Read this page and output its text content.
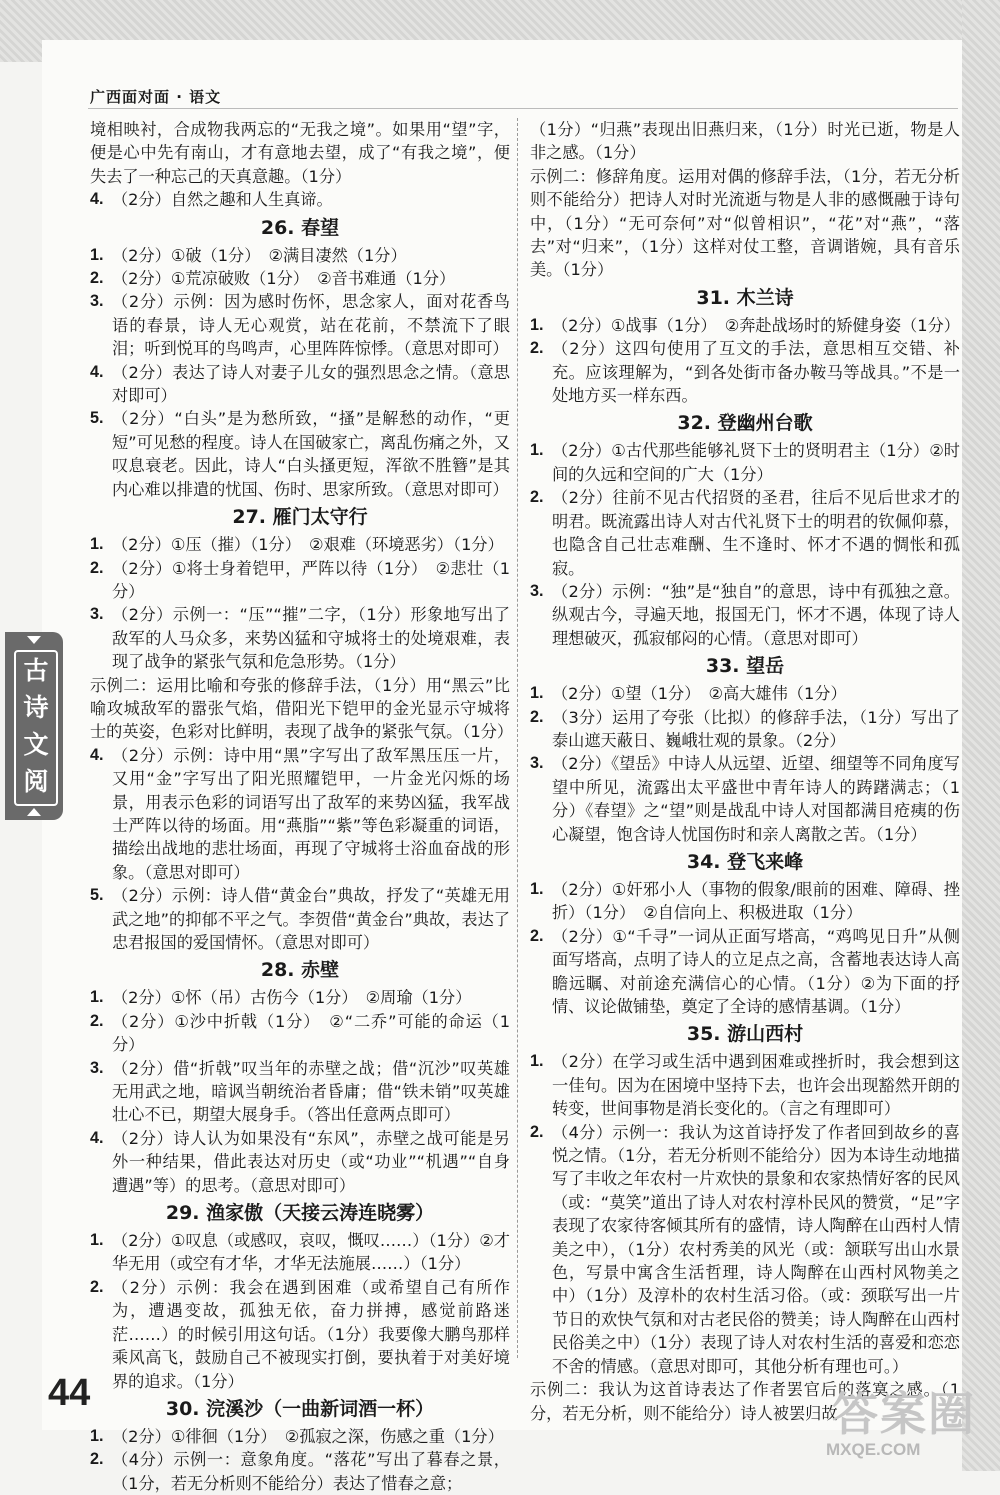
广西面对面 · 语文
境相映衬，合成物我两忘的“无我之境”。如果用“望”字，便是心中先有南山，才有意地去望，成了“有我之境”，便失去了一种忘己的天真意趣。（1分）
4. （2分）自然之趣和人生真谛。
26. 春望
1. （2分）①破（1分）　②满目凄然（1分）
2. （2分）①荒凉破败（1分）　②音书难通（1分）
3. （2分）示例：因为感时伤怀，思念家人，面对花香鸟语的春景，诗人无心观赏，站在花前，不禁流下了眼泪；听到悦耳的鸟鸣声，心里阵阵惊悸。（意思对即可）
4. （2分）表达了诗人对妻子儿女的强烈思念之情。（意思对即可）
5. （2分）“白头”是为愁所致，“搔”是解愁的动作，“更短”可见愁的程度。诗人在国破家亡，离乱伤痛之外，又叹息衰老。因此，诗人“白头搔更短，浑欲不胜簪”是其内心难以排遣的忧国、伤时、思家所致。（意思对即可）
27. 雁门太守行
1. （2分）①压（摧）（1分）　②艰难（环境恶劣）（1分）
2. （2分）①将士身着铠甲，严阵以待（1分）　②悲壮（1分）
3. （2分）示例一：“压”“摧”二字，（1分）形象地写出了敌军的人马众多，来势凶猛和守城将士的处境艰难，表现了战争的紧张气氛和危急形势。（1分）
示例二：运用比喻和夸张的修辞手法，（1分）用“黑云”比喻攻城敌军的嚣张气焰，借阳光下铠甲的金光显示守城将士的英姿，色彩对比鲜明，表现了战争的紧张气氛。（1分）
4. （2分）示例：诗中用“黑”字写出了敌军黑压压一片，又用“金”字写出了阳光照耀铠甲，一片金光闪烁的场景，用表示色彩的词语写出了敌军的来势凶猛，我军战士严阵以待的场面。用“燕脂”“紫”等色彩凝重的词语，描绘出战地的悲壮场面，再现了守城将士浴血奋战的形象。（意思对即可）
5. （2分）示例：诗人借“黄金台”典故，抒发了“英雄无用武之地”的抑郁不平之气。李贺借“黄金台”典故，表达了忠君报国的爱国情怀。（意思对即可）
28. 赤壁
1. （2分）①怀（吊）古伤今（1分）　②周瑜（1分）
2. （2分）①沙中折戟（1分）　②“二乔”可能的命运（1分）
3. （2分）借“折戟”叹当年的赤壁之战；借“沉沙”叹英雄无用武之地，暗讽当朝统治者昏庸；借“铁未销”叹英雄壮心不已，期望大展身手。（答出任意两点即可）
4. （2分）诗人认为如果没有“东风”，赤壁之战可能是另外一种结果，借此表达对历史（或“功业”“机遇”“自身遭遇”等）的思考。（意思对即可）
29. 渔家傲（天接云涛连晓雾）
1. （2分）①叹息（或感叹，哀叹，慨叹……）（1分）②才华无用（或空有才华，才华无法施展……）（1分）
2. （2分）示例：我会在遇到困难（或希望自己有所作为，遭遇变故，孤独无依，奋力拼搏，感觉前路迷茫……）的时候引用这句话。（1分）我要像大鹏鸟那样乘风高飞，鼓励自己不被现实打倒，要执着于对美好境界的追求。（1分）
30. 浣溪沙（一曲新词酒一杯）
1. （2分）①徘徊（1分）　②孤寂之深，伤感之重（1分）
2. （4分）示例一：意象角度。“落花”写出了暮春之景，（1分，若无分析则不能给分）表达了惜春之意；
（1分）“归燕”表现出旧燕归来，（1分）时光已逝，物是人非之感。（1分）
示例二：修辞角度。运用对偶的修辞手法，（1分，若无分析则不能给分）把诗人对时光流逝与物是人非的感慨融于诗句中，（1分）“无可奈何”对“似曾相识”，“花”对“燕”，“落去”对“归来”，（1分）这样对仗工整，音调谐婉，具有音乐美。（1分）
31. 木兰诗
1. （2分）①战事（1分）　②奔赴战场时的矫健身姿（1分）
2. （2分）这四句使用了互文的手法，意思相互交错、补充。应该理解为，“到各处街市备办鞍马等战具。”不是一处地方买一样东西。
32. 登幽州台歌
1. （2分）①古代那些能够礼贤下士的贤明君主（1分）②时间的久远和空间的广大（1分）
2. （2分）往前不见古代招贤的圣君，往后不见后世求才的明君。既流露出诗人对古代礼贤下士的明君的钦佩仰慕，也隐含自己壮志难酬、生不逢时、怀才不遇的惆怅和孤寂。
3. （2分）示例：“独”是“独自”的意思，诗中有孤独之意。纵观古今，寻遍天地，报国无门，怀才不遇，体现了诗人理想破灭，孤寂郁闷的心情。（意思对即可）
33. 望岳
1. （2分）①望（1分）　②高大雄伟（1分）
2. （3分）运用了夸张（比拟）的修辞手法，（1分）写出了泰山遮天蔽日、巍峨壮观的景象。（2分）
3. （2分）《望岳》中诗人从远望、近望、细望等不同角度写望中所见，流露出太平盛世中青年诗人的踌躇满志；（1分）《春望》之“望”则是战乱中诗人对国都满目疮痍的伤心凝望，饱含诗人忧国伤时和亲人离散之苦。（1分）
34. 登飞来峰
1. （2分）①奸邪小人（事物的假象/眼前的困难、障碍、挫折）（1分）　②自信向上、积极进取（1分）
2. （2分）①“千寻”一词从正面写塔高，“鸡鸣见日升”从侧面写塔高，点明了诗人的立足点之高，含蓄地表达诗人高瞻远瞩、对前途充满信心的心情。（1分）②为下面的抒情、议论做铺垫，奠定了全诗的感情基调。（1分）
35. 游山西村
1. （2分）在学习或生活中遇到困难或挫折时，我会想到这一佳句。因为在困境中坚持下去，也许会出现豁然开朗的转变，世间事物是消长变化的。（言之有理即可）
2. （4分）示例一：我认为这首诗抒发了作者回到故乡的喜悦之情。（1分，若无分析则不能给分）因为本诗生动地描写了丰收之年农村一片欢快的景象和农家热情好客的民风（或：“莫笑”道出了诗人对农村淳朴民风的赞赏，“足”字表现了农家待客倾其所有的盛情，诗人陶醉在山西村人情美之中），（1分）农村秀美的风光（或：颔联写出山水景色，写景中寓含生活哲理，诗人陶醉在山西村风物美之中）（1分）及淳朴的农村生活习俗。（或：颈联写出一片节日的欢快气氛和对古老民俗的赞美；诗人陶醉在山西村民俗美之中）（1分）表现了诗人对农村生活的喜爱和恋恋不舍的情感。（意思对即可，其他分析有理也可。）
示例二：我认为这首诗表达了作者罢官后的落寞之感。（1分，若无分析，则不能给分）诗人被罢归故
古
诗
文
阅
44	答案圈
MXQE.COM
